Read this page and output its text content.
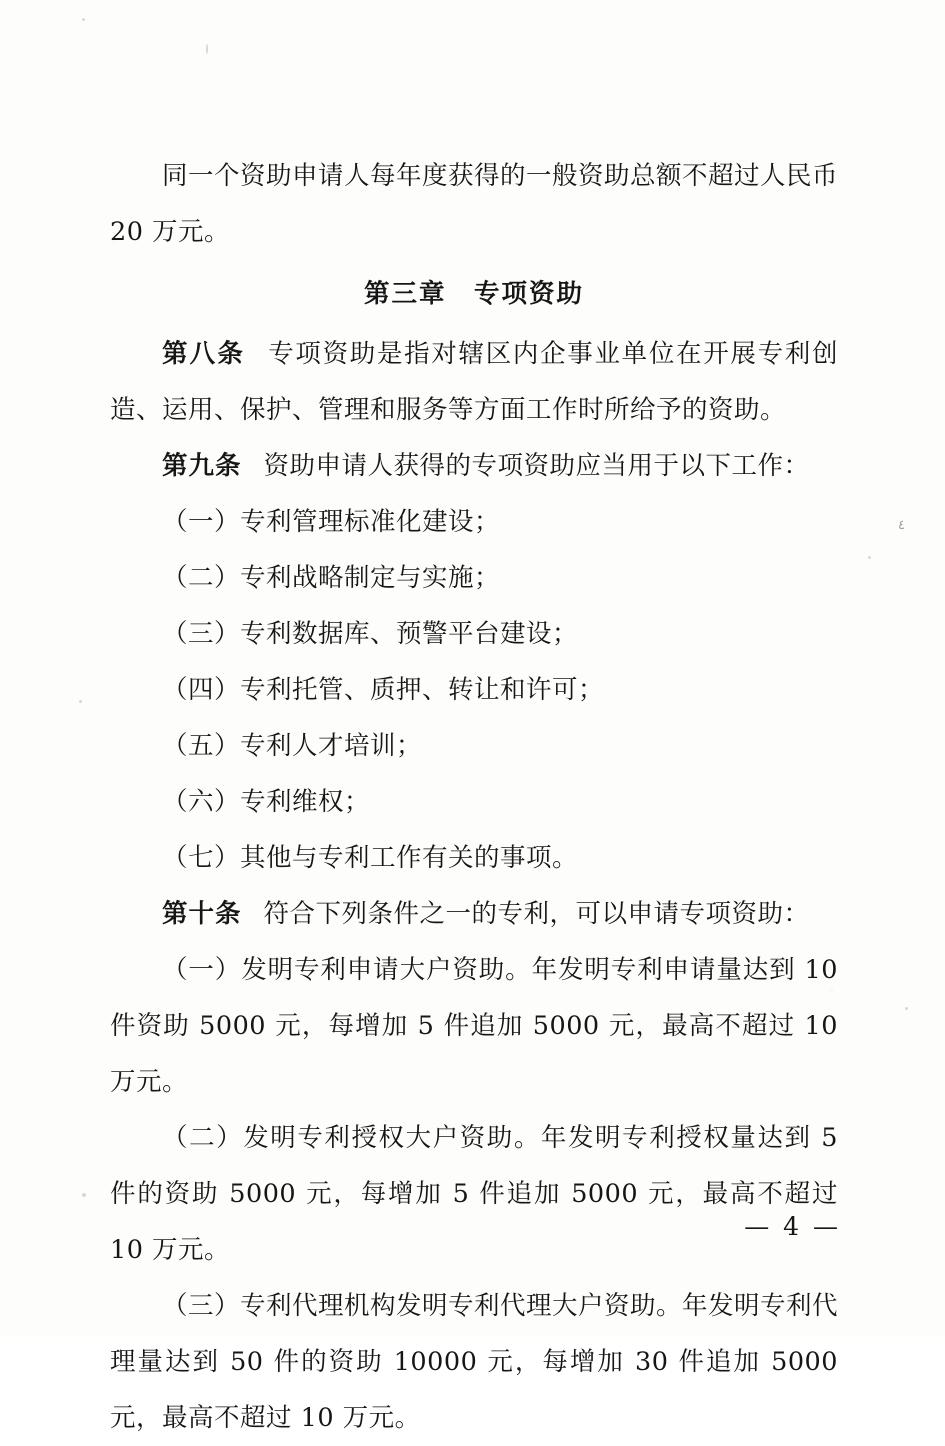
٤

同一个资助申请人每年度获得的一般资助总额不超过人民币 20 万元。

第三章　专项资助

第八条 专项资助是指对辖区内企事业单位在开展专利创造、运用、保护、管理和服务等方面工作时所给予的资助。

第九条 资助申请人获得的专项资助应当用于以下工作：

（一）专利管理标准化建设；

（二）专利战略制定与实施；

（三）专利数据库、预警平台建设；

（四）专利托管、质押、转让和许可；

（五）专利人才培训；

（六）专利维权；

（七）其他与专利工作有关的事项。

第十条 符合下列条件之一的专利，可以申请专项资助：

（一）发明专利申请大户资助。年发明专利申请量达到 10 件资助 5000 元，每增加 5 件追加 5000 元，最高不超过 10 万元。

（二）发明专利授权大户资助。年发明专利授权量达到 5 件的资助 5000 元，每增加 5 件追加 5000 元，最高不超过 10 万元。

（三）专利代理机构发明专利代理大户资助。年发明专利代理量达到 50 件的资助 10000 元，每增加 30 件追加 5000 元，最高不超过 10 万元。

— 4 —
